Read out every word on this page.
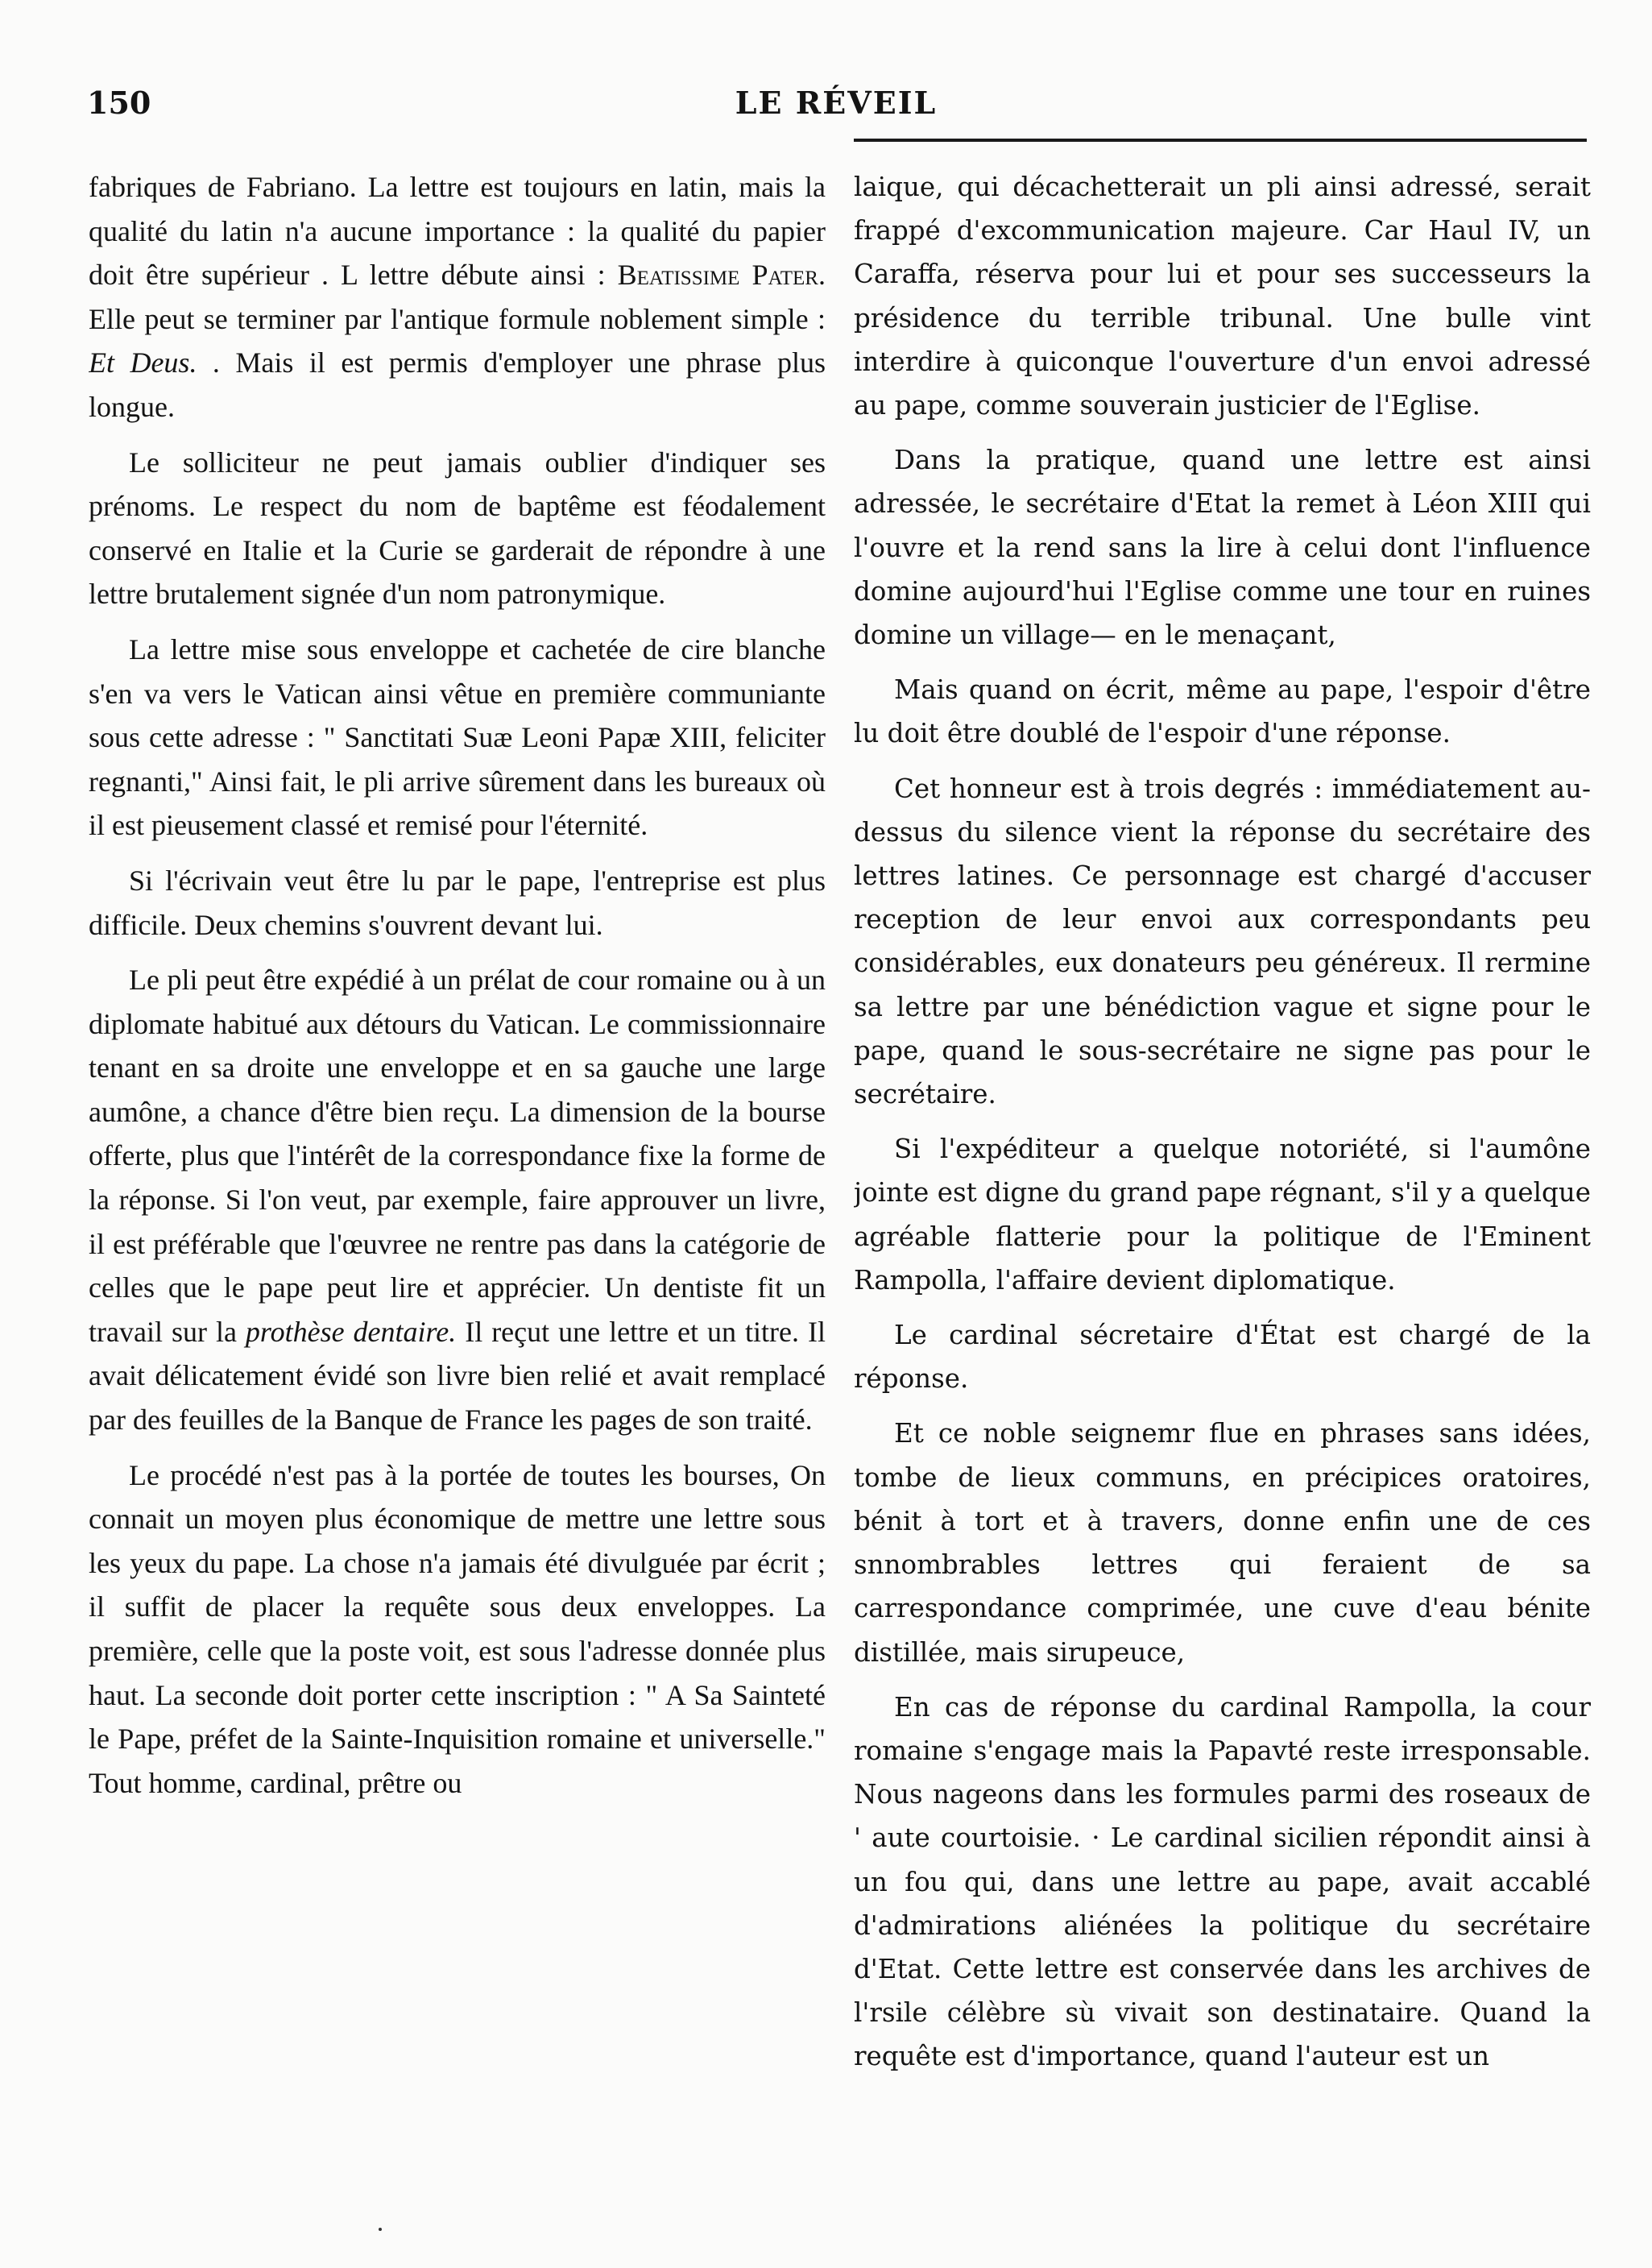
150	LE RÉVEIL

fabriques de Fabriano. La lettre est toujours en latin, mais la qualité du latin n'a aucune importance : la qualité du papier doit être supérieur . L lettre débute ainsi : Beatissime Pater. Elle peut se terminer par l'antique formule noblement simple : Et Deus. . Mais il est permis d'employer une phrase plus longue.

Le solliciteur ne peut jamais oublier d'indiquer ses prénoms. Le respect du nom de baptême est féodalement conservé en Italie et la Curie se garderait de répondre à une lettre brutalement signée d'un nom patronymique.

La lettre mise sous enveloppe et cachetée de cire blanche s'en va vers le Vatican ainsi vêtue en première communiante sous cette adresse : " Sanctitati Suæ Leoni Papæ XIII, feliciter regnanti," Ainsi fait, le pli arrive sûrement dans les bureaux où il est pieusement classé et remisé pour l'éternité.

Si l'écrivain veut être lu par le pape, l'entreprise est plus difficile. Deux chemins s'ouvrent devant lui.

Le pli peut être expédié à un prélat de cour romaine ou à un diplomate habitué aux détours du Vatican. Le commissionnaire tenant en sa droite une enveloppe et en sa gauche une large aumône, a chance d'être bien reçu. La dimension de la bourse offerte, plus que l'intérêt de la correspondance fixe la forme de la réponse. Si l'on veut, par exemple, faire approuver un livre, il est préférable que l'œuvree ne rentre pas dans la catégorie de celles que le pape peut lire et apprécier. Un dentiste fit un travail sur la prothèse dentaire. Il reçut une lettre et un titre. Il avait délicatement évidé son livre bien relié et avait remplacé par des feuilles de la Banque de France les pages de son traité.

Le procédé n'est pas à la portée de toutes les bourses, On connait un moyen plus économique de mettre une lettre sous les yeux du pape. La chose n'a jamais été divulguée par écrit ; il suffit de placer la requête sous deux enveloppes. La première, celle que la poste voit, est sous l'adresse donnée plus haut. La seconde doit porter cette inscription : " A Sa Sainteté le Pape, préfet de la Sainte-Inquisition romaine et universelle." Tout homme, cardinal, prêtre ou

laique, qui décachetterait un pli ainsi adressé, serait frappé d'excommunication majeure. Car Haul IV, un Caraffa, réserva pour lui et pour ses successeurs la présidence du terrible tribunal. Une bulle vint interdire à quiconque l'ouverture d'un envoi adressé au pape, comme souverain justicier de l'Eglise.

Dans la pratique, quand une lettre est ainsi adressée, le secrétaire d'Etat la remet à Léon XIII qui l'ouvre et la rend sans la lire à celui dont l'influence domine aujourd'hui l'Eglise comme une tour en ruines domine un village— en le menaçant,

Mais quand on écrit, même au pape, l'espoir d'être lu doit être doublé de l'espoir d'une réponse.

Cet honneur est à trois degrés : immédiatement au-dessus du silence vient la réponse du secrétaire des lettres latines. Ce personnage est chargé d'accuser reception de leur envoi aux correspondants peu considérables, eux donateurs peu généreux. Il rermine sa lettre par une bénédiction vague et signe pour le pape, quand le sous-secrétaire ne signe pas pour le secrétaire.

Si l'expéditeur a quelque notoriété, si l'aumône jointe est digne du grand pape régnant, s'il y a quelque agréable flatterie pour la politique de l'Eminent Rampolla, l'affaire devient diplomatique.

Le cardinal sécretaire d'État est chargé de la réponse.

Et ce noble seignemr flue en phrases sans idées, tombe de lieux communs, en précipices oratoires, bénit à tort et à travers, donne enfin une de ces snnombrables lettres qui feraient de sa carrespondance comprimée, une cuve d'eau bénite distillée, mais sirupeuce,

En cas de réponse du cardinal Rampolla, la cour romaine s'engage mais la Papavté reste irresponsable. Nous nageons dans les formules parmi des roseaux de ' aute courtoisie. · Le cardinal sicilien répondit ainsi à un fou qui, dans une lettre au pape, avait accablé d'admirations aliénées la politique du secrétaire d'Etat. Cette lettre est conservée dans les archives de l'rsile célèbre sù vivait son destinataire. Quand la requête est d'importance, quand l'auteur est un
